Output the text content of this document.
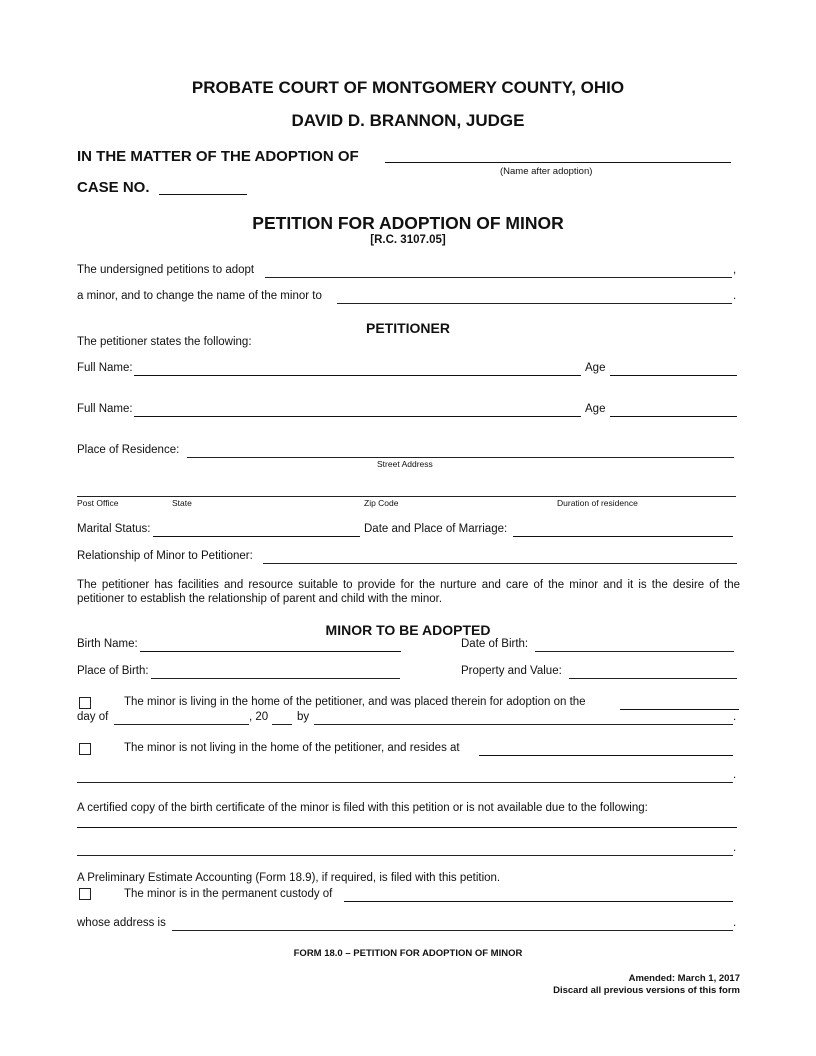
PROBATE COURT OF MONTGOMERY COUNTY, OHIO
DAVID D. BRANNON, JUDGE
IN THE MATTER OF THE ADOPTION OF
(Name after adoption)
CASE NO.
PETITION FOR ADOPTION OF MINOR
[R.C. 3107.05]
The undersigned petitions to adopt	,
a minor, and to change the name of the minor to	.
PETITIONER
The petitioner states the following:
Full Name:	Age
Full Name:	Age
Place of Residence:
Street Address
Post Office	State	Zip Code	Duration of residence
Marital Status:	Date and Place of Marriage:
Relationship of Minor to Petitioner:
The petitioner has facilities and resource suitable to provide for the nurture and care of the minor and it is the desire of the petitioner to establish the relationship of parent and child with the minor.
MINOR TO BE ADOPTED
Birth Name:	Date of Birth:
Place of Birth:	Property and Value:
The minor is living in the home of the petitioner, and was placed therein for adoption on the
day of	, 20	by	.
The minor is not living in the home of the petitioner, and resides at
.
A certified copy of the birth certificate of the minor is filed with this petition or is not available due to the following:
.
A Preliminary Estimate Accounting (Form 18.9), if required, is filed with this petition.
The minor is in the permanent custody of
whose address is	.
FORM 18.0 – PETITION FOR ADOPTION OF MINOR
Amended: March 1, 2017
Discard all previous versions of this form
